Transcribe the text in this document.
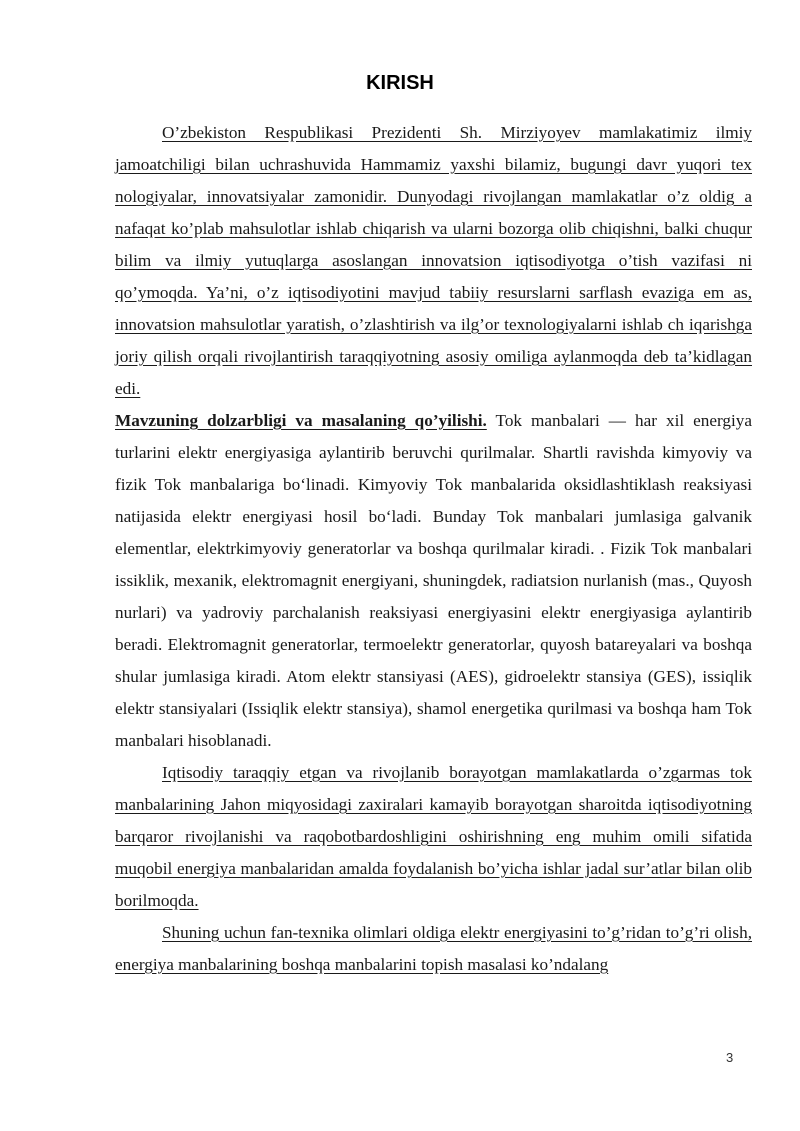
KIRISH

O’zbekiston Respublikasi Prezidenti Sh. Mirziyoyev mamlakatimiz ilmiy jamoatchiligi bilan uchrashuvida Hammamiz yaxshi bilamiz, bugungi davr yuqori tex nologiyalar, innovatsiyalar zamonidir. Dunyodagi rivojlangan mamlakatlar o’z oldig a nafaqat ko’plab mahsulotlar ishlab chiqarish va ularni bozorga olib chiqishni, balki chuqur bilim va ilmiy yutuqlarga asoslangan innovatsion iqtisodiyotga o’tish vazifasi ni qo’ymoqda. Ya’ni, o’z iqtisodiyotini mavjud tabiiy resurslarni sarflash evaziga em as, innovatsion mahsulotlar yaratish, o’zlashtirish va ilg’or texnologiyalarni ishlab ch iqarishga joriy qilish orqali rivojlantirish taraqqiyotning asosiy omiliga aylanmoqda deb ta’kidlagan edi.

Mavzuning dolzarbligi va masalaning qo’yilishi. Tok manbalari — har xil energiya turlarini elektr energiyasiga aylantirib beruvchi qurilmalar. Shartli ravishda kimyoviy va fizik Tok manbalariga boʻlinadi. Kimyoviy Tok manbalarida oksidlashtiklash reaksiyasi natijasida elektr energiyasi hosil boʻladi. Bunday Tok manbalari jumlasiga galvanik elementlar, elektrkimyoviy generatorlar va boshqa qurilmalar kiradi. . Fizik Tok manbalari issiklik, mexanik, elektromagnit energiyani, shuningdek, radiatsion nurlanish (mas., Quyosh nurlari) va yadroviy parchalanish reaksiyasi energiyasini elektr energiyasiga aylantirib beradi. Elektromagnit generatorlar, termoelektr generatorlar, quyosh batareyalari va boshqa shular jumlasiga kiradi. Atom elektr stansiyasi (AES), gidroelektr stansiya (GES), issiqlik elektr stansiyalari (Issiqlik elektr stansiya), shamol energetika qurilmasi va boshqa ham Tok manbalari hisoblanadi.

Iqtisodiy taraqqiy etgan va rivojlanib borayotgan mamlakatlarda o’zgarmas tok manbalarining Jahon miqyosidagi zaxiralari kamayib borayotgan sharoitda iqtisodiyotning barqaror rivojlanishi va raqobotbardoshligini oshirishning eng muhim omili sifatida muqobil energiya manbalaridan amalda foydalanish bo’yicha ishlar jadal sur’atlar bilan olib borilmoqda.

Shuning uchun fan-texnika olimlari oldiga elektr energiyasini to’g’ridan to’g’ri olish, energiya manbalarining boshqa manbalarini topish masalasi ko’ndalang

3
